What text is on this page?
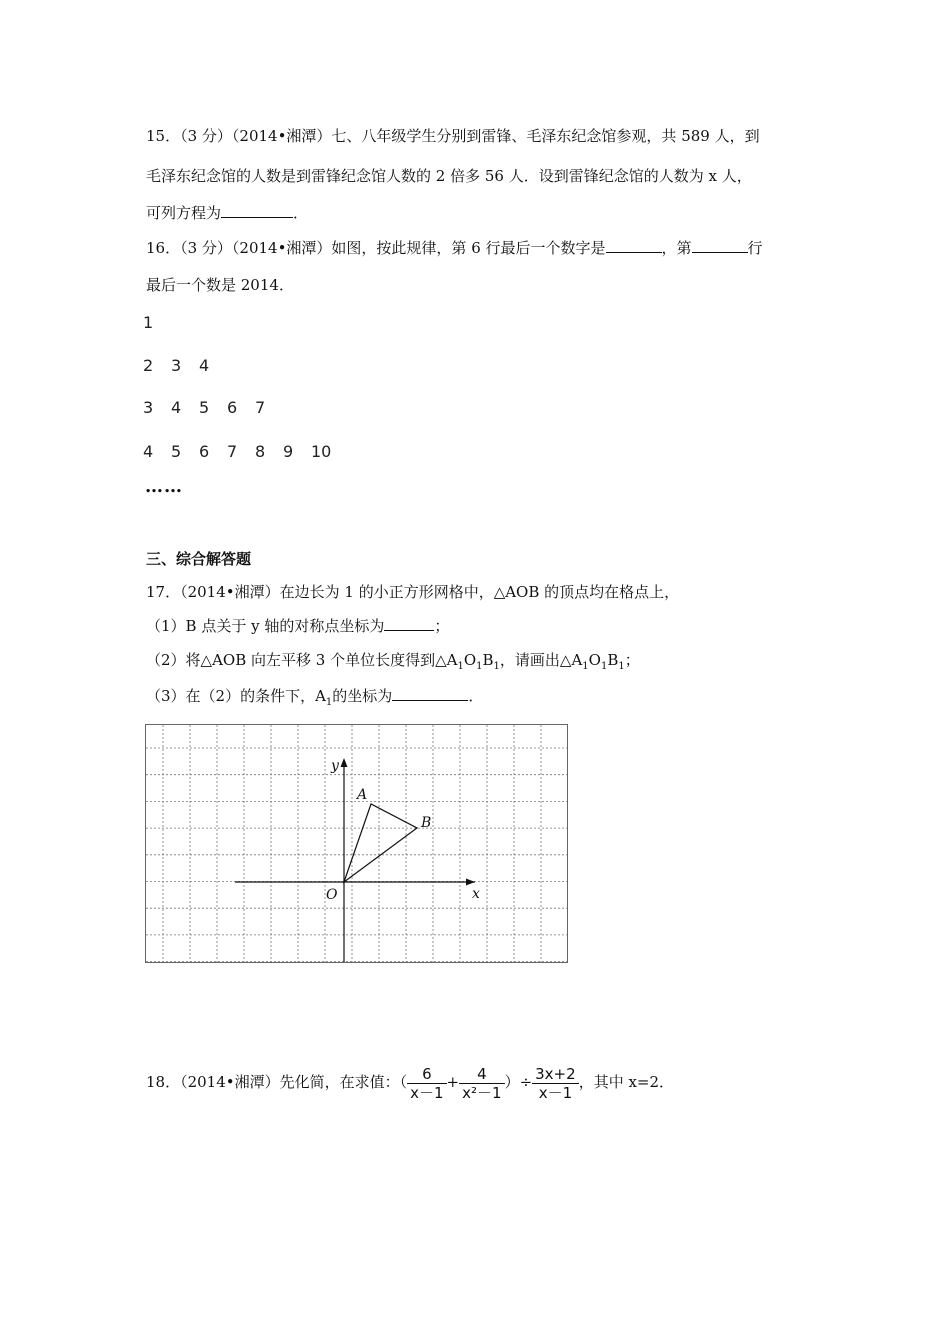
15．（3 分）（2014•湘潭）七、八年级学生分别到雷锋、毛泽东纪念馆参观，共 589 人，到
毛泽东纪念馆的人数是到雷锋纪念馆人数的 2 倍多 56 人．设到雷锋纪念馆的人数为 x 人，
可列方程为	．
16．（3 分）（2014•湘潭）如图，按此规律，第 6 行最后一个数字是	，第	行
最后一个数是 2014．
1
2 3 4
3 4 5 6 7
4 5 6 7 8 9 10
……
三、综合解答题
17．（2014•湘潭）在边长为 1 的小正方形网格中，△AOB 的顶点均在格点上，
（1）B 点关于 y 轴的对称点坐标为	；
（2）将△AOB 向左平移 3 个单位长度得到$\triangle A_1O_1B_1$，请画出$\triangle A_1O_1B_1$；
（3）在（2）的条件下，$A_1$的坐标为	．
y
x
A
B
O
18．（2014•湘潭）先化简，在求值：（ $\frac{6}{x-1} + \frac{4}{\text{x²－1}}$ ）÷ $\frac{3x+2}{x-1}$ ，其中 x=2．
